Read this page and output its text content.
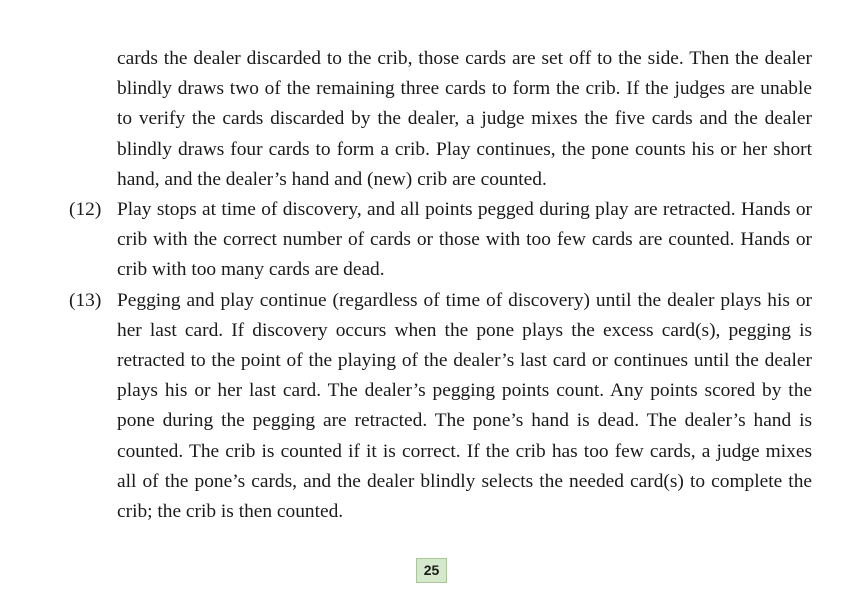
cards the dealer discarded to the crib, those cards are set off to the side. Then the dealer blindly draws two of the remaining three cards to form the crib. If the judges are unable to verify the cards discarded by the dealer, a judge mixes the five cards and the dealer blindly draws four cards to form a crib. Play continues, the pone counts his or her short hand, and the dealer’s hand and (new) crib are counted.

(12) Play stops at time of discovery, and all points pegged during play are retracted. Hands or crib with the correct number of cards or those with too few cards are counted. Hands or crib with too many cards are dead.

(13) Pegging and play continue (regardless of time of discovery) until the dealer plays his or her last card. If discovery occurs when the pone plays the excess card(s), pegging is retracted to the point of the playing of the dealer’s last card or continues until the dealer plays his or her last card. The dealer’s pegging points count. Any points scored by the pone during the pegging are retracted. The pone’s hand is dead. The dealer’s hand is counted. The crib is counted if it is correct. If the crib has too few cards, a judge mixes all of the pone’s cards, and the dealer blindly selects the needed card(s) to complete the crib; the crib is then counted.

25
